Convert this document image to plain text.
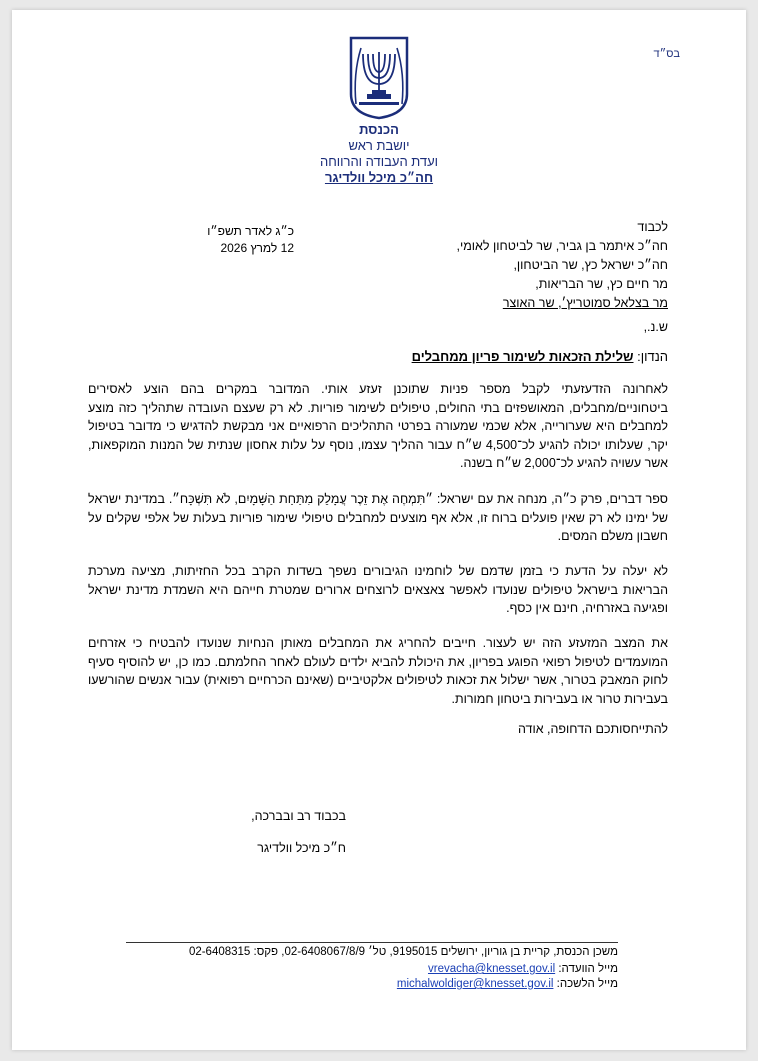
בס״ד
הכנסת
יושבת ראש
ועדת העבודה והרווחה
חה״כ מיכל וולדיגר
כ״ג לאדר תשפ״ו
12 למרץ 2026
לכבוד
חה״כ איתמר בן גביר, שר לביטחון לאומי,
חה״כ ישראל כץ, שר הביטחון,
מר חיים כץ, שר הבריאות,
מר בצלאל סמוטריץ׳, שר האוצר
ש.נ.,
הנדון: שלילת הזכאות לשימור פריון ממחבלים
לאחרונה הזדעזעתי לקבל מספר פניות שתוכנן זעזע אותי. המדובר במקרים בהם הוצע לאסירים ביטחוניים/מחבלים, המאושפזים בתי החולים, טיפולים לשימור פוריות. לא רק שעצם העובדה שתהליך כזה מוצע למחבלים היא שערורייה, אלא שכמי שמעורה בפרטי התהליכים הרפואיים אני מבקשת להדגיש כי מדובר בטיפול יקר, שעלותו יכולה להגיע לכ־4,500 ש״ח עבור ההליך עצמו, נוסף על עלות אחסון שנתית של המנות המוקפאות, אשר עשויה להגיע לכ־2,000 ש״ח בשנה.
ספר דברים, פרק כ״ה, מנחה את עם ישראל: ״תִּמְחֶה אֶת זֵכֶר עֲמָלֵק מִתַּחַת הַשָּׁמָיִם, לֹא תִּשְׁכָּח״. במדינת ישראל של ימינו לא רק שאין פועלים ברוח זו, אלא אף מוצעים למחבלים טיפולי שימור פוריות בעלות של אלפי שקלים על חשבון משלם המסים.
לא יעלה על הדעת כי בזמן שדמם של לוחמינו הגיבורים נשפך בשדות הקרב בכל החזיתות, מציעה מערכת הבריאות בישראל טיפולים שנועדו לאפשר צאצאים לרוצחים ארורים שמטרת חייהם היא השמדת מדינת ישראל ופגיעה באזרחיה, חינם אין כסף.
את המצב המזעזע הזה יש לעצור. חייבים להחריג את המחבלים מאותן הנחיות שנועדו להבטיח כי אזרחים המועמדים לטיפול רפואי הפוגע בפריון, את היכולת להביא ילדים לעולם לאחר החלמתם. כמו כן, יש להוסיף סעיף לחוק המאבק בטרור, אשר ישלול את זכאות לטיפולים אלקטיביים (שאינם הכרחיים רפואית) עבור אנשים שהורשעו בעבירות טרור או בעבירות ביטחון חמורות.
להתייחסותכם הדחופה, אודה
בכבוד רב ובברכה,
ח״כ מיכל וולדיגר
משכן הכנסת, קריית בן גוריון, ירושלים 9195015, טל׳ 02-6408067/8/9, פקס: 02-6408315
מייל הוועדה: vrevacha@knesset.gov.il
מייל הלשכה: michalwoldiger@knesset.gov.il
